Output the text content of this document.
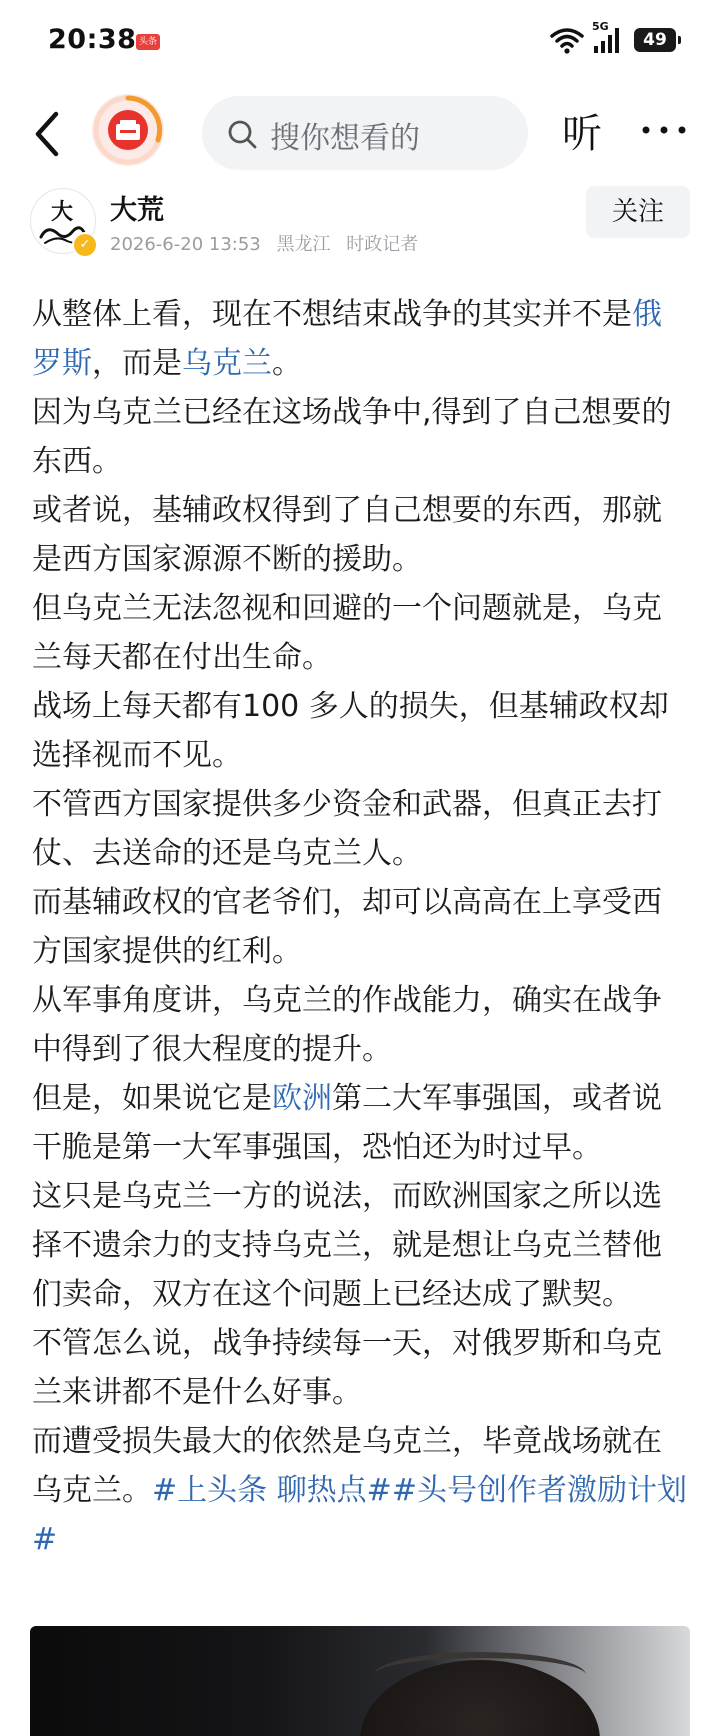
20:38 头条
5G
49
搜你想看的	听
大
✓
大荒
2026-6-20 13:53 黑龙江 时政记者
关注

从整体上看，现在不想结束战争的其实并不是俄罗斯，而是乌克兰。

因为乌克兰已经在这场战争中,得到了自己想要的东西。

或者说，基辅政权得到了自己想要的东西，那就是西方国家源源不断的援助。

但乌克兰无法忽视和回避的一个问题就是，乌克兰每天都在付出生命。

战场上每天都有100 多人的损失，但基辅政权却选择视而不见。

不管西方国家提供多少资金和武器，但真正去打仗、去送命的还是乌克兰人。

而基辅政权的官老爷们，却可以高高在上享受西方国家提供的红利。

从军事角度讲，乌克兰的作战能力，确实在战争中得到了很大程度的提升。

但是，如果说它是欧洲第二大军事强国，或者说干脆是第一大军事强国，恐怕还为时过早。

这只是乌克兰一方的说法，而欧洲国家之所以选择不遗余力的支持乌克兰，就是想让乌克兰替他们卖命，双方在这个问题上已经达成了默契。

不管怎么说，战争持续每一天，对俄罗斯和乌克兰来讲都不是什么好事。

而遭受损失最大的依然是乌克兰，毕竟战场就在乌克兰。#上头条 聊热点##头号创作者激励计划#
